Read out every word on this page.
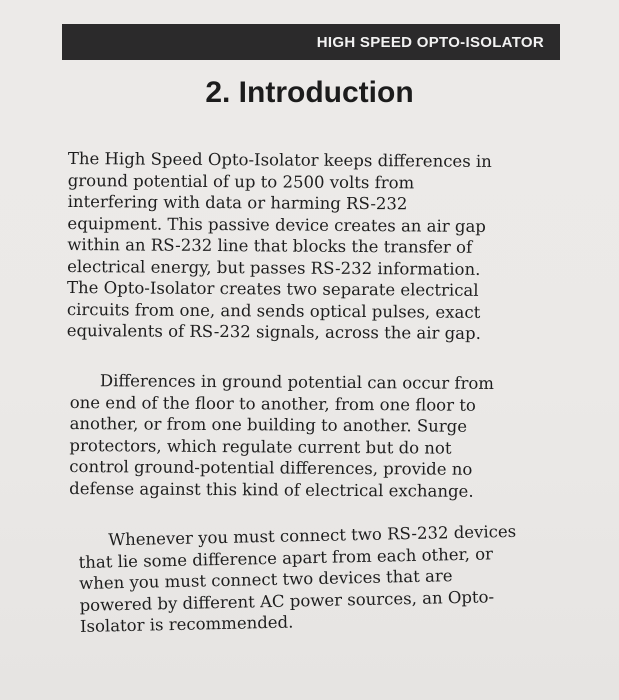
HIGH SPEED OPTO-ISOLATOR
2. Introduction

The High Speed Opto-Isolator keeps differences in
ground potential of up to 2500 volts from
interfering with data or harming RS-232
equipment. This passive device creates an air gap
within an RS-232 line that blocks the transfer of
electrical energy, but passes RS-232 information.
The Opto-Isolator creates two separate electrical
circuits from one, and sends optical pulses, exact
equivalents of RS-232 signals, across the air gap.

Differences in ground potential can occur from
one end of the floor to another, from one floor to
another, or from one building to another. Surge
protectors, which regulate current but do not
control ground-potential differences, provide no
defense against this kind of electrical exchange.

Whenever you must connect two RS-232 devices
that lie some difference apart from each other, or
when you must connect two devices that are
powered by different AC power sources, an Opto-
Isolator is recommended.
